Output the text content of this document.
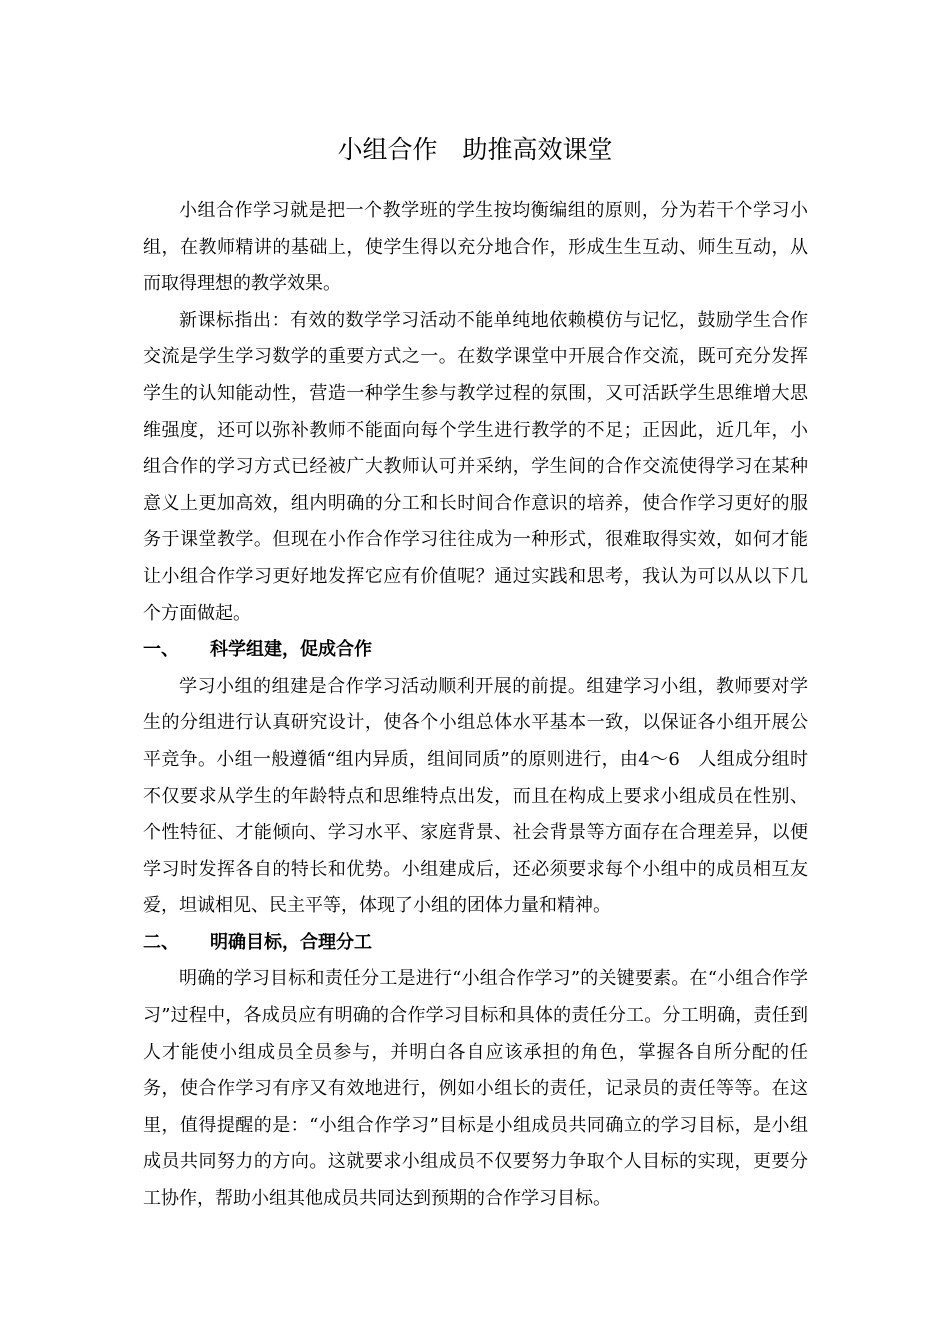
小组合作　助推高效课堂

小组合作学习就是把一个教学班的学生按均衡编组的原则，分为若干个学习小组，在教师精讲的基础上，使学生得以充分地合作，形成生生互动、师生互动，从而取得理想的教学效果。

新课标指出：有效的数学学习活动不能单纯地依赖模仿与记忆，鼓励学生合作交流是学生学习数学的重要方式之一。在数学课堂中开展合作交流，既可充分发挥学生的认知能动性，营造一种学生参与教学过程的氛围，又可活跃学生思维增大思维强度，还可以弥补教师不能面向每个学生进行教学的不足；正因此，近几年，小组合作的学习方式已经被广大教师认可并采纳，学生间的合作交流使得学习在某种意义上更加高效，组内明确的分工和长时间合作意识的培养，使合作学习更好的服务于课堂教学。但现在小作合作学习往往成为一种形式，很难取得实效，如何才能让小组合作学习更好地发挥它应有价值呢？通过实践和思考，我认为可以从以下几个方面做起。

一、 科学组建，促成合作

学习小组的组建是合作学习活动顺利开展的前提。组建学习小组，教师要对学生的分组进行认真研究设计，使各个小组总体水平基本一致，以保证各小组开展公平竞争。小组一般遵循“组内异质，组间同质”的原则进行，由4～6　人组成分组时不仅要求从学生的年龄特点和思维特点出发，而且在构成上要求小组成员在性别、个性特征、才能倾向、学习水平、家庭背景、社会背景等方面存在合理差异，以便学习时发挥各自的特长和优势。小组建成后，还必须要求每个小组中的成员相互友爱，坦诚相见、民主平等，体现了小组的团体力量和精神。

二、 明确目标，合理分工

明确的学习目标和责任分工是进行“小组合作学习”的关键要素。在“小组合作学习”过程中，各成员应有明确的合作学习目标和具体的责任分工。分工明确，责任到人才能使小组成员全员参与，并明白各自应该承担的角色，掌握各自所分配的任务，使合作学习有序又有效地进行，例如小组长的责任，记录员的责任等等。在这里，值得提醒的是：“小组合作学习”目标是小组成员共同确立的学习目标，是小组成员共同努力的方向。这就要求小组成员不仅要努力争取个人目标的实现，更要分工协作，帮助小组其他成员共同达到预期的合作学习目标。
